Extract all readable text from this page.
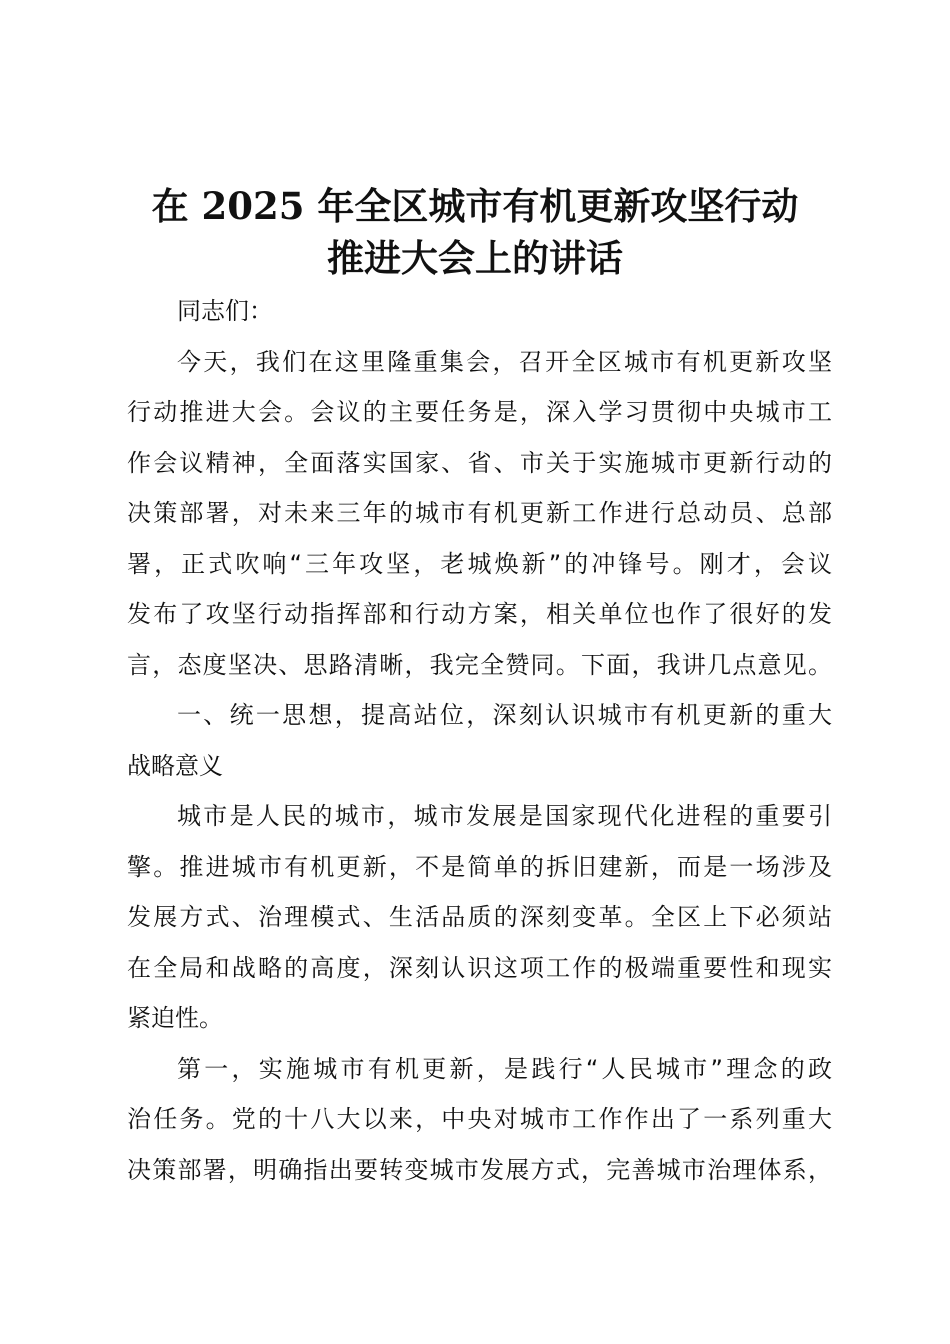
在 2025 年全区城市有机更新攻坚行动
推进大会上的讲话
同志们：
今天，我们在这里隆重集会，召开全区城市有机更新攻坚
行动推进大会。会议的主要任务是，深入学习贯彻中央城市工
作会议精神，全面落实国家、省、市关于实施城市更新行动的
决策部署，对未来三年的城市有机更新工作进行总动员、总部
署，正式吹响“三年攻坚，老城焕新”的冲锋号。刚才，会议
发布了攻坚行动指挥部和行动方案，相关单位也作了很好的发
言，态度坚决、思路清晰，我完全赞同。下面，我讲几点意见。
一、统一思想，提高站位，深刻认识城市有机更新的重大
战略意义
城市是人民的城市，城市发展是国家现代化进程的重要引
擎。推进城市有机更新，不是简单的拆旧建新，而是一场涉及
发展方式、治理模式、生活品质的深刻变革。全区上下必须站
在全局和战略的高度，深刻认识这项工作的极端重要性和现实
紧迫性。
第一，实施城市有机更新，是践行“人民城市”理念的政
治任务。党的十八大以来，中央对城市工作作出了一系列重大
决策部署，明确指出要转变城市发展方式，完善城市治理体系，
